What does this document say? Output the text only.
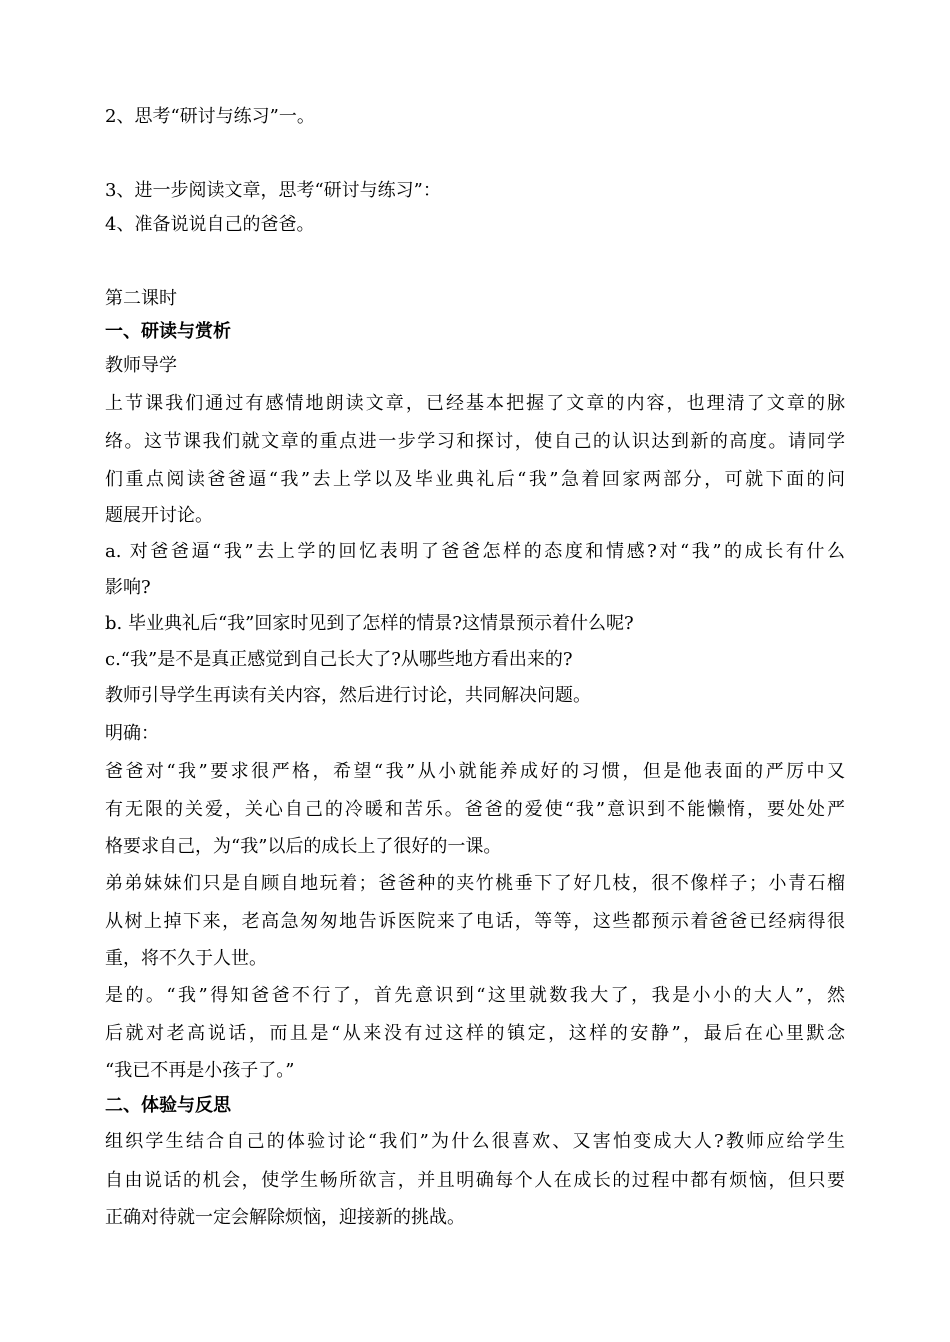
2、思考“研讨与练习”一。
3、进一步阅读文章，思考“研讨与练习”：
4、准备说说自己的爸爸。
第二课时
一、研读与赏析
教师导学
上节课我们通过有感情地朗读文章，已经基本把握了文章的内容，也理清了文章的脉
络。这节课我们就文章的重点进一步学习和探讨，使自己的认识达到新的高度。请同学
们重点阅读爸爸逼“我”去上学以及毕业典礼后“我”急着回家两部分，可就下面的问
题展开讨论。
a. 对爸爸逼“我”去上学的回忆表明了爸爸怎样的态度和情感?对“我”的成长有什么
影响?
b. 毕业典礼后“我”回家时见到了怎样的情景?这情景预示着什么呢?
c.“我”是不是真正感觉到自己长大了?从哪些地方看出来的?
教师引导学生再读有关内容，然后进行讨论，共同解决问题。
明确：
爸爸对“我”要求很严格，希望“我”从小就能养成好的习惯，但是他表面的严厉中又
有无限的关爱，关心自己的冷暖和苦乐。爸爸的爱使“我”意识到不能懒惰，要处处严
格要求自己，为“我”以后的成长上了很好的一课。
弟弟妹妹们只是自顾自地玩着；爸爸种的夹竹桃垂下了好几枝，很不像样子；小青石榴
从树上掉下来，老高急匆匆地告诉医院来了电话，等等，这些都预示着爸爸已经病得很
重，将不久于人世。
是的。“我”得知爸爸不行了，首先意识到“这里就数我大了，我是小小的大人”，然
后就对老高说话，而且是“从来没有过这样的镇定，这样的安静”，最后在心里默念
“我已不再是小孩子了。”
二、体验与反思
组织学生结合自己的体验讨论“我们”为什么很喜欢、又害怕变成大人?教师应给学生
自由说话的机会，使学生畅所欲言，并且明确每个人在成长的过程中都有烦恼，但只要
正确对待就一定会解除烦恼，迎接新的挑战。
